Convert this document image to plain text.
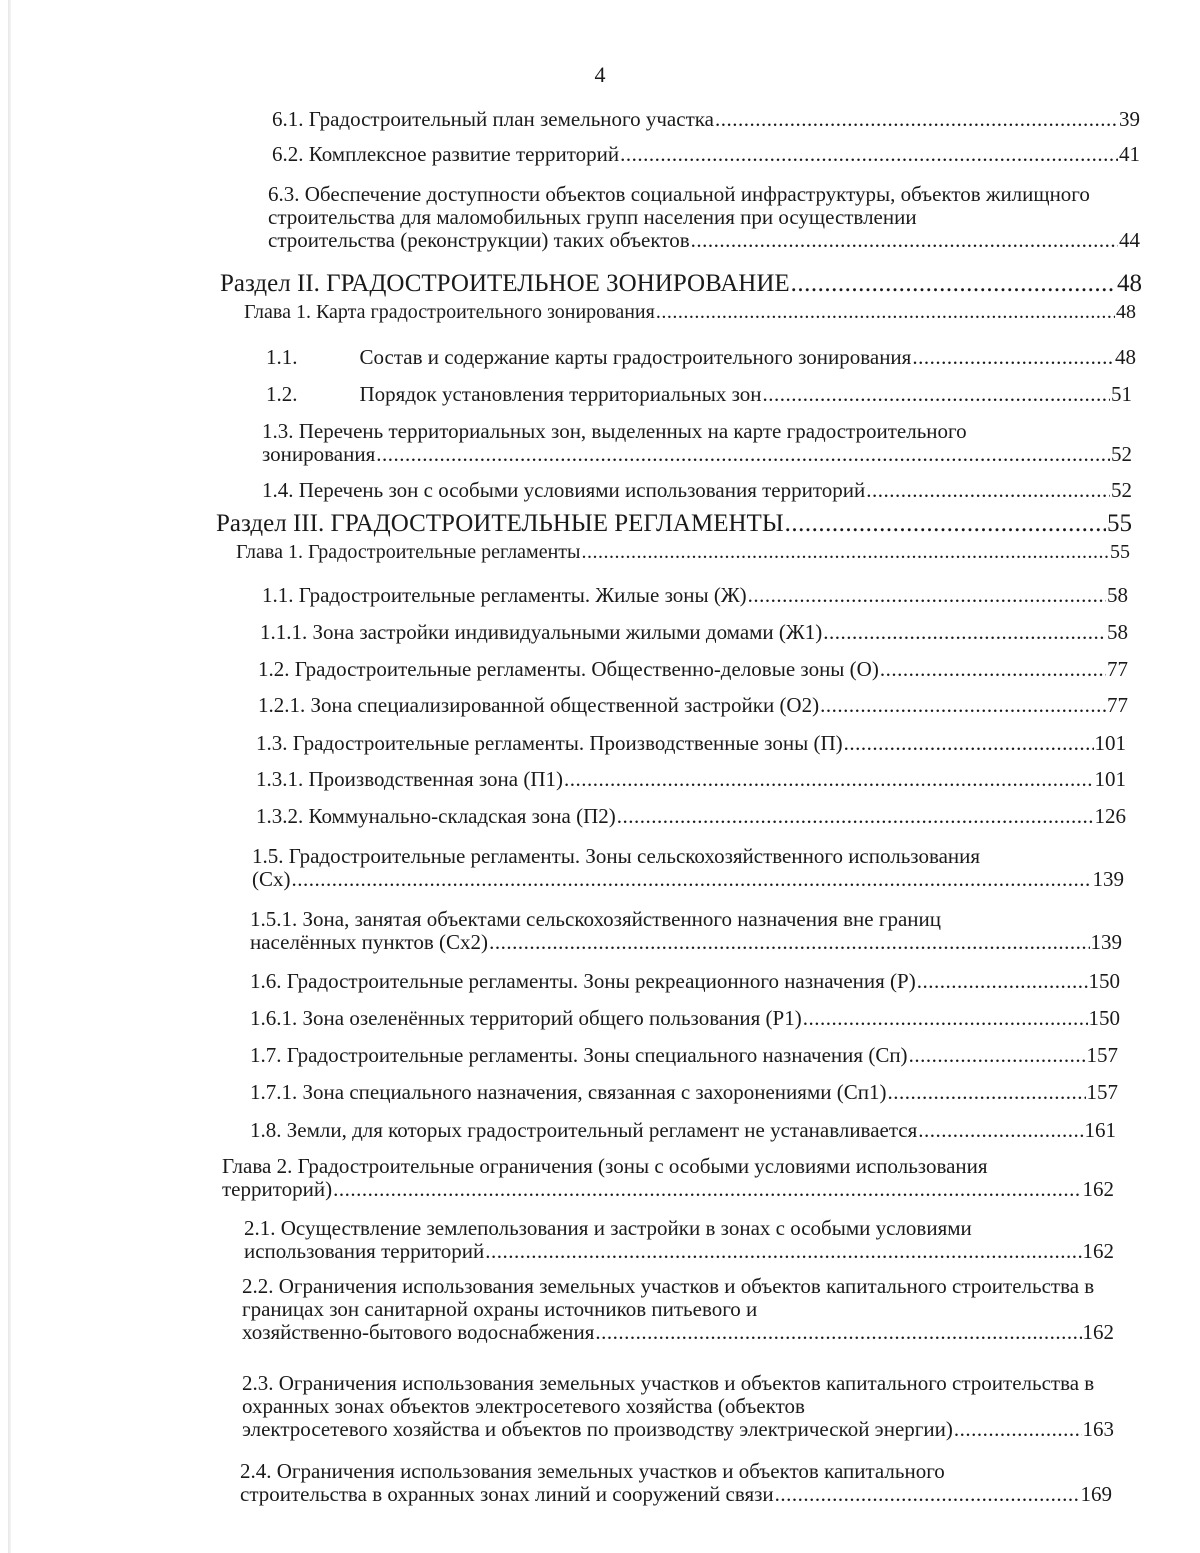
4
6.1. Градостроительный план земельного участка .....	39
6.2. Комплексное развитие территорий .....	41
6.3. Обеспечение доступности объектов социальной инфраструктуры, объектов жилищного строительства для маломобильных групп населения при осуществлении
строительства (реконструкции) таких объектов .....	44
Раздел II. ГРАДОСТРОИТЕЛЬНОЕ ЗОНИРОВАНИЕ .....	48
Глава 1. Карта градостроительного зонирования .....	48
1.1.	Состав и содержание карты градостроительного зонирования .....	48
1.2.	Порядок установления территориальных зон .....	51
1.3. Перечень территориальных зон, выделенных на карте градостроительного
зонирования .....	52
1.4. Перечень зон с особыми условиями использования территорий .....	52
Раздел III. ГРАДОСТРОИТЕЛЬНЫЕ РЕГЛАМЕНТЫ .....	55
Глава 1. Градостроительные регламенты .....	55
1.1. Градостроительные регламенты. Жилые зоны (Ж) .....	58
1.1.1. Зона застройки индивидуальными жилыми домами (Ж1) .....	58
1.2. Градостроительные регламенты. Общественно-деловые зоны (О) .....	77
1.2.1. Зона специализированной общественной застройки (О2) .....	77
1.3. Градостроительные регламенты. Производственные зоны (П) .....	101
1.3.1. Производственная зона (П1) .....	101
1.3.2. Коммунально-складская зона (П2) .....	126
1.5. Градостроительные регламенты. Зоны сельскохозяйственного использования
(Сх) .....	139
1.5.1. Зона, занятая объектами сельскохозяйственного назначения вне границ
населённых пунктов (Сх2) .....	139
1.6. Градостроительные регламенты. Зоны рекреационного назначения (Р) .....	150
1.6.1. Зона озеленённых территорий общего пользования (Р1) .....	150
1.7. Градостроительные регламенты. Зоны специального назначения (Сп) .....	157
1.7.1. Зона специального назначения, связанная с захоронениями (Сп1) .....	157
1.8. Земли, для которых градостроительный регламент не устанавливается .....	161
Глава 2. Градостроительные ограничения (зоны с особыми условиями использования
территорий) .....	162
2.1. Осуществление землепользования и застройки в зонах с особыми условиями
использования территорий .....	162
2.2. Ограничения использования земельных участков и объектов капитального строительства в границах зон санитарной охраны источников питьевого и
хозяйственно-бытового водоснабжения .....	162
2.3. Ограничения использования земельных участков и объектов капитального строительства в охранных зонах объектов электросетевого хозяйства (объектов
электросетевого хозяйства и объектов по производству электрической энергии) .....	163
2.4. Ограничения использования земельных участков и объектов капитального
строительства в охранных зонах линий и сооружений связи .....	169
